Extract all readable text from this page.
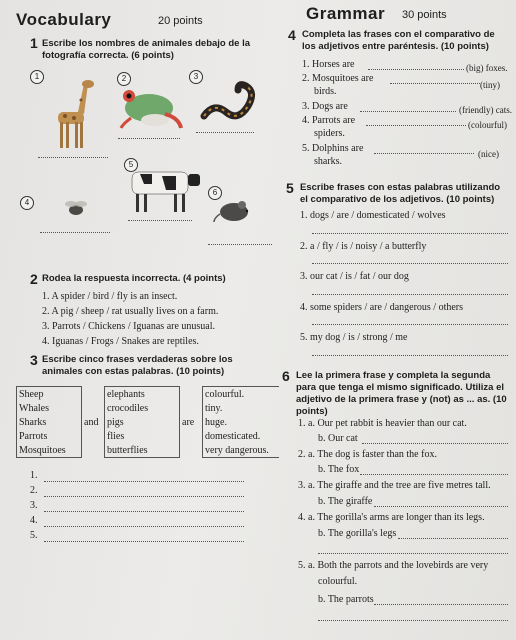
Vocabulary	20 points
1 Escribe los nombres de animales debajo de la fotografía correcta. (6 points)
1	2	3
5
4
6
2 Rodea la respuesta incorrecta. (4 points)
1. A spider / bird / fly is an insect.
2. A pig / sheep / rat usually lives on a farm.
3. Parrots / Chickens / Iguanas are unusual.
4. Iguanas / Frogs / Snakes are reptiles.
3 Escribe cinco frases verdaderas sobre los animales con estas palabras. (10 points)
Sheep		elephants		colourful.
Whales		crocodiles		tiny.
Sharks	and	pigs	are	huge.
Parrots		flies		domesticated.
Mosquitoes		butterflies		very dangerous.
1.
2.
3.
4.
5.
Grammar 30 points
4 Completa las frases con el comparativo de los adjetivos entre paréntesis. (10 points)
1. Horses are	(big) foxes.
2. Mosquitoes are
(tiny)
birds.
3. Dogs are	(friendly) cats.
4. Parrots are	(colourful)
spiders.
5. Dolphins are	(nice)
sharks.
5 Escribe frases con estas palabras utilizando el comparativo de los adjetivos. (10 points)
1. dogs / are / domesticated / wolves
2. a / fly / is / noisy / a butterfly
3. our cat / is / fat / our dog
4. some spiders / are / dangerous / others
5. my dog / is / strong / me
6 Lee la primera frase y completa la segunda para que tenga el mismo significado. Utiliza el adjetivo de la primera frase y (not) as ... as. (10 points)
1. a. Our pet rabbit is heavier than our cat.
b. Our cat
2. a. The dog is faster than the fox.
b. The fox
3. a. The giraffe and the tree are five metres tall.
b. The giraffe
4. a. The gorilla's arms are longer than its legs.
b. The gorilla's legs
5. a. Both the parrots and the lovebirds are very
colourful.
b. The parrots
